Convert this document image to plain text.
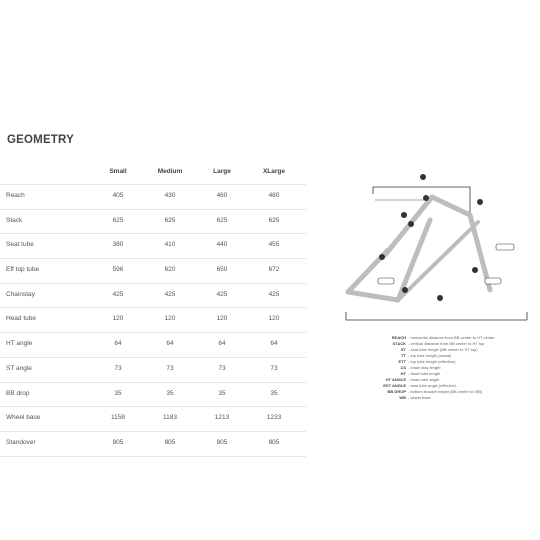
GEOMETRY
Small	Medium	Large	XLarge
Reach	405	430	460	480
Stack	625	625	625	625
Seat tube	380	410	440	455
Eff top tube	596	620	650	672
Chainstay	425	425	425	425
Head tube	120	120	120	120
HT angle	64	64	64	64
ST angle	73	73	73	73
BB drop	35	35	35	35
Wheel base	1158	1183	1213	1233
Standover	805	805	805	805
REACH - horizontal distance from BB center to HT center
STACK - vertical distance from BB center to HT top
ST - seat tube length (BB center to ST top)
TT - top tube length (actual)
ETT - top tube length (effective)
CS - chain stay length
HT - head tube length
HT ANGLE - head tube angle
EST ANGLE - seat tube angle (effective)
BB DROP - bottom bracket height (BB center to WB)
WB - wheel base
